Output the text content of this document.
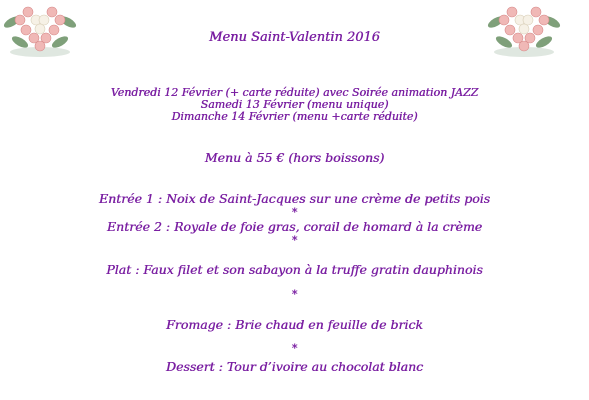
Menu Saint-Valentin 2016
Vendredi 12 Février (+ carte réduite) avec Soirée animation JAZZ
Samedi 13 Février (menu unique)
Dimanche 14 Février (menu +carte réduite)
Menu à 55 € (hors boissons)
Entrée 1 : Noix de Saint-Jacques sur une crème de petits pois
*
Entrée 2 : Royale de foie gras, corail de homard à la crème
*
Plat : Faux filet et son sabayon à la truffe gratin dauphinois
*
Fromage : Brie chaud en feuille de brick
*
Dessert : Tour d’ivoire au chocolat blanc
